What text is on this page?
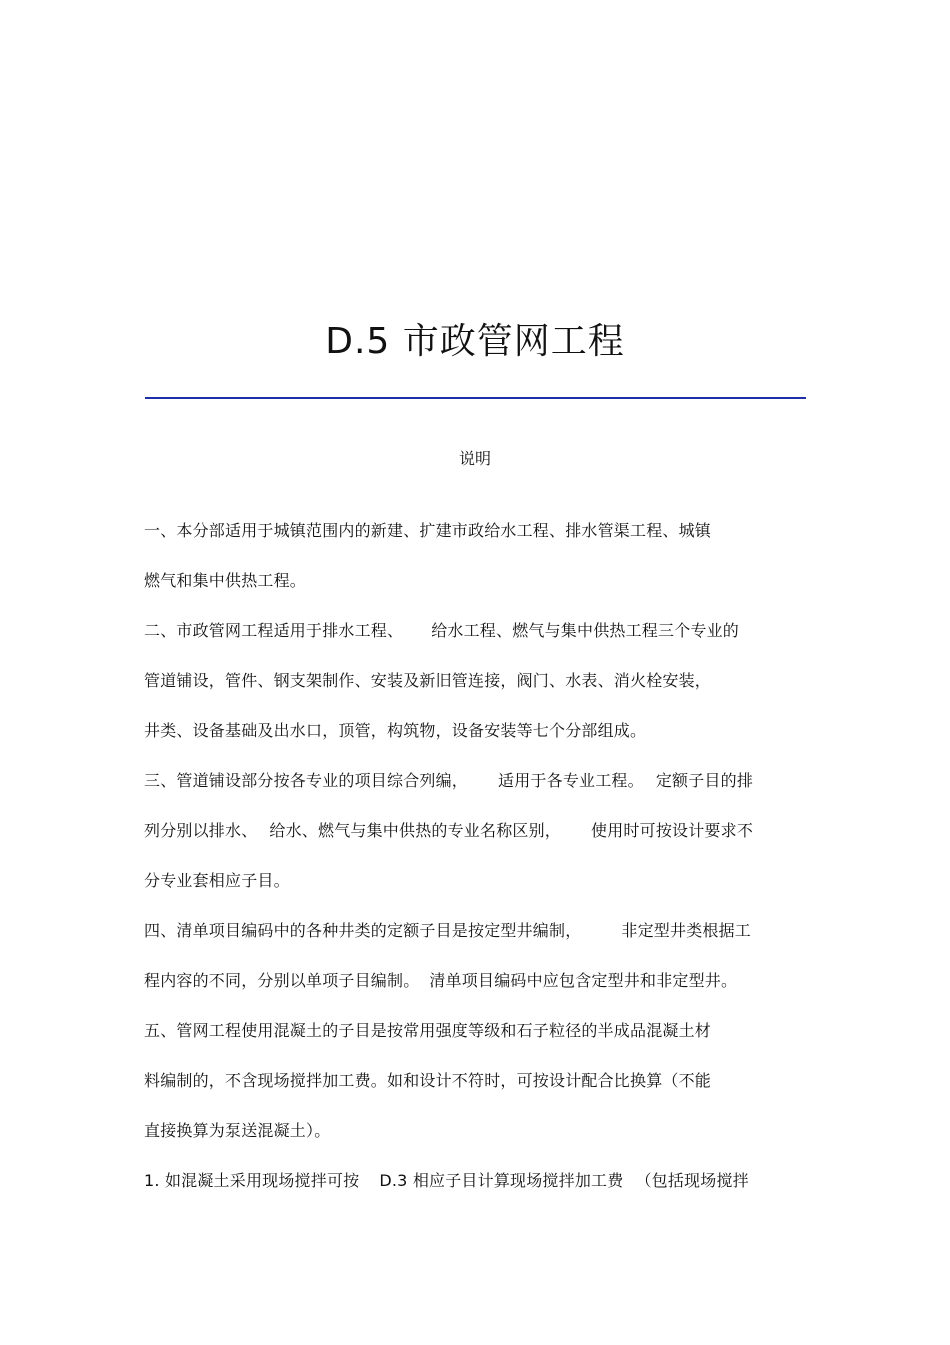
D.5 市政管网工程
说明
一、本分部适用于城镇范围内的新建、扩建市政给水工程、排水管渠工程、城镇
燃气和集中供热工程。
二、市政管网工程适用于排水工程、 给水工程、燃气与集中供热工程三个专业的
管道铺设，管件、钢支架制作、安装及新旧管连接，阀门、水表、消火栓安装，
井类、设备基础及出水口，顶管，构筑物，设备安装等七个分部组成。
三、管道铺设部分按各专业的项目综合列编， 适用于各专业工程。 定额子目的排
列分别以排水、 给水、燃气与集中供热的专业名称区别， 使用时可按设计要求不
分专业套相应子目。
四、清单项目编码中的各种井类的定额子目是按定型井编制，	非定型井类根据工
程内容的不同，分别以单项子目编制。 清单项目编码中应包含定型井和非定型井。
五、管网工程使用混凝土的子目是按常用强度等级和石子粒径的半成品混凝土材
料编制的，不含现场搅拌加工费。如和设计不符时，可按设计配合比换算（不能
直接换算为泵送混凝土）。
1. 如混凝土采用现场搅拌可按 D.3 相应子目计算现场搅拌加工费 （包括现场搅拌
